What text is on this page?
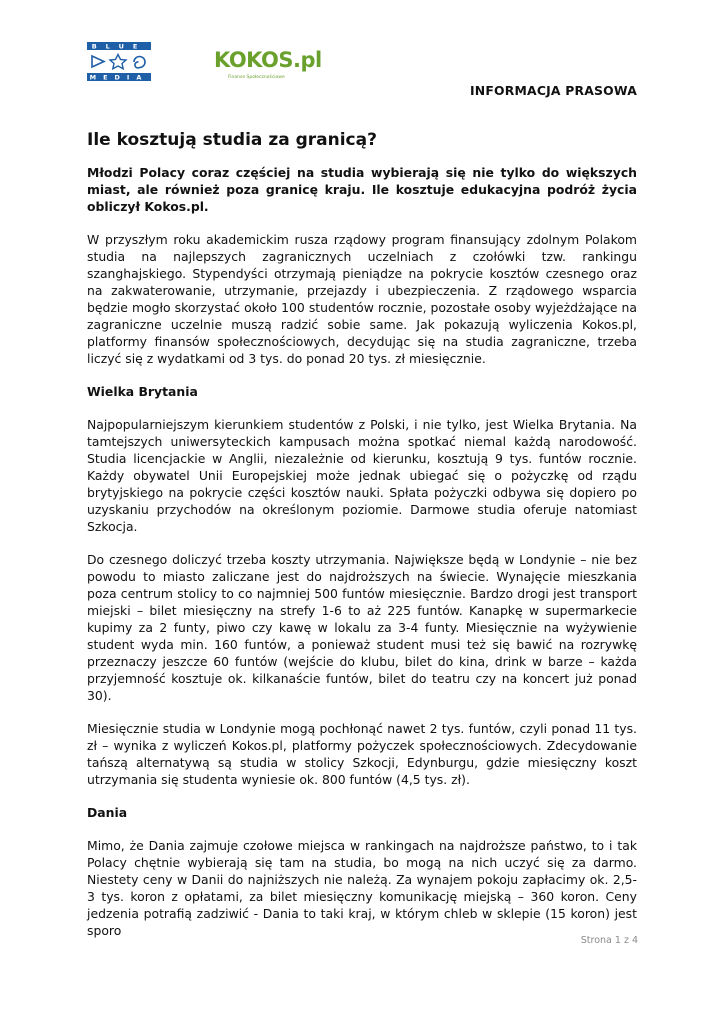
BLUE
MEDIA
KOKOS.pl
Finanse Społecznościowe
INFORMACJA PRASOWA
Ile kosztują studia za granicą?

Młodzi Polacy coraz częściej na studia wybierają się nie tylko do większych miast, ale również poza granicę kraju. Ile kosztuje edukacyjna podróż życia obliczył Kokos.pl.

W przyszłym roku akademickim rusza rządowy program finansujący zdolnym Polakom studia na najlepszych zagranicznych uczelniach z czołówki tzw. rankingu szanghajskiego. Stypendyści otrzymają pieniądze na pokrycie kosztów czesnego oraz na zakwaterowanie, utrzymanie, przejazdy i ubezpieczenia. Z rządowego wsparcia będzie mogło skorzystać około 100 studentów rocznie, pozostałe osoby wyjeżdżające na zagraniczne uczelnie muszą radzić sobie same. Jak pokazują wyliczenia Kokos.pl, platformy finansów społecznościowych, decydując się na studia zagraniczne, trzeba liczyć się z wydatkami od 3 tys. do ponad 20 tys. zł miesięcznie.

Wielka Brytania

Najpopularniejszym kierunkiem studentów z Polski, i nie tylko, jest Wielka Brytania. Na tamtejszych uniwersyteckich kampusach można spotkać niemal każdą narodowość. Studia licencjackie w Anglii, niezależnie od kierunku, kosztują 9 tys. funtów rocznie. Każdy obywatel Unii Europejskiej może jednak ubiegać się o pożyczkę od rządu brytyjskiego na pokrycie części kosztów nauki. Spłata pożyczki odbywa się dopiero po uzyskaniu przychodów na określonym poziomie. Darmowe studia oferuje natomiast Szkocja.

Do czesnego doliczyć trzeba koszty utrzymania. Największe będą w Londynie – nie bez powodu to miasto zaliczane jest do najdroższych na świecie. Wynajęcie mieszkania poza centrum stolicy to co najmniej 500 funtów miesięcznie. Bardzo drogi jest transport miejski – bilet miesięczny na strefy 1-6 to aż 225 funtów. Kanapkę w supermarkecie kupimy za 2 funty, piwo czy kawę w lokalu za 3-4 funty. Miesięcznie na wyżywienie student wyda min. 160 funtów, a ponieważ student musi też się bawić na rozrywkę przeznaczy jeszcze 60 funtów (wejście do klubu, bilet do kina, drink w barze – każda przyjemność kosztuje ok. kilkanaście funtów, bilet do teatru czy na koncert już ponad 30).

Miesięcznie studia w Londynie mogą pochłonąć nawet 2 tys. funtów, czyli ponad 11 tys. zł – wynika z wyliczeń Kokos.pl, platformy pożyczek społecznościowych. Zdecydowanie tańszą alternatywą są studia w stolicy Szkocji, Edynburgu, gdzie miesięczny koszt utrzymania się studenta wyniesie ok. 800 funtów (4,5 tys. zł).

Dania

Mimo, że Dania zajmuje czołowe miejsca w rankingach na najdroższe państwo, to i tak Polacy chętnie wybierają się tam na studia, bo mogą na nich uczyć się za darmo. Niestety ceny w Danii do najniższych nie należą. Za wynajem pokoju zapłacimy ok. 2,5-3 tys. koron z opłatami, za bilet miesięczny komunikację miejską – 360 koron. Ceny jedzenia potrafią zadziwić - Dania to taki kraj, w którym chleb w sklepie (15 koron) jest sporo

Strona 1 z 4
